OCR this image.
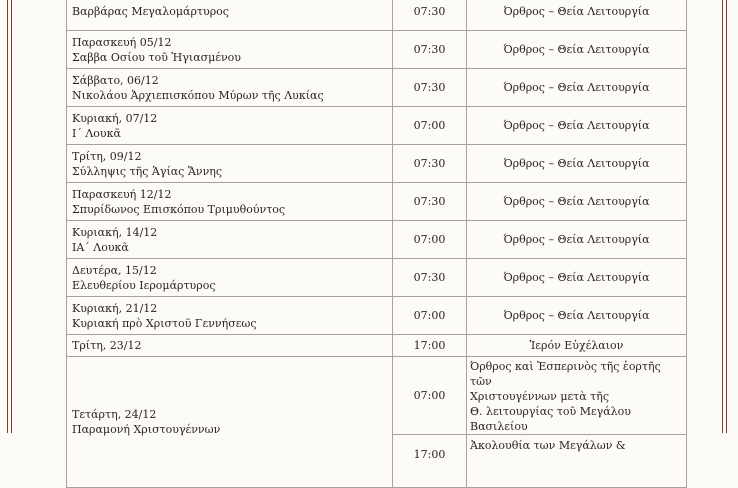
Βαρβάρας Μεγαλομάρτυρος	07:30	Όρθρος – Θεία Λειτουργία

Παρασκευή 05/12
Σαββα Οσίου τοῦ Ἡγιασμένου	07:30	Όρθρος – Θεία Λειτουργία

Σάββατο, 06/12
Νικολάου Ἀρχιεπισκόπου Μύρων τῆς Λυκίας	07:30	Όρθρος – Θεία Λειτουργία

Κυριακή, 07/12
Ι΄ Λουκᾶ	07:00	Όρθρος – Θεία Λειτουργία

Τρίτη, 09/12
Σύλληψις τῆς Ἁγίας Ἄννης	07:30	Όρθρος – Θεία Λειτουργία

Παρασκευή 12/12
Σπυρίδωνος Επισκόπου Τριμυθούντος	07:30	Όρθρος – Θεία Λειτουργία

Κυριακή, 14/12
ΙΑ΄ Λουκᾶ	07:00	Όρθρος – Θεία Λειτουργία

Δευτέρα, 15/12
Ελευθερίου Ιερομάρτυρος	07:30	Όρθρος – Θεία Λειτουργία

Κυριακή, 21/12
Κυριακή πρὸ Χριστοῦ Γεννήσεως	07:00	Όρθρος – Θεία Λειτουργία

Τρίτη, 23/12	17:00	Ἱερόν Εὐχέλαιον

Τετάρτη, 24/12
Παραμονή Χριστουγέννων	07:00	Όρθρος καὶ Ἑσπερινὸς τῆς ἑορτῆς τῶν
Χριστουγέννων μετὰ τῆς
Θ. λειτουργίας τοῦ Μεγάλου
Βασιλείου

	17:00	Ἀκολουθία των Μεγάλων &
